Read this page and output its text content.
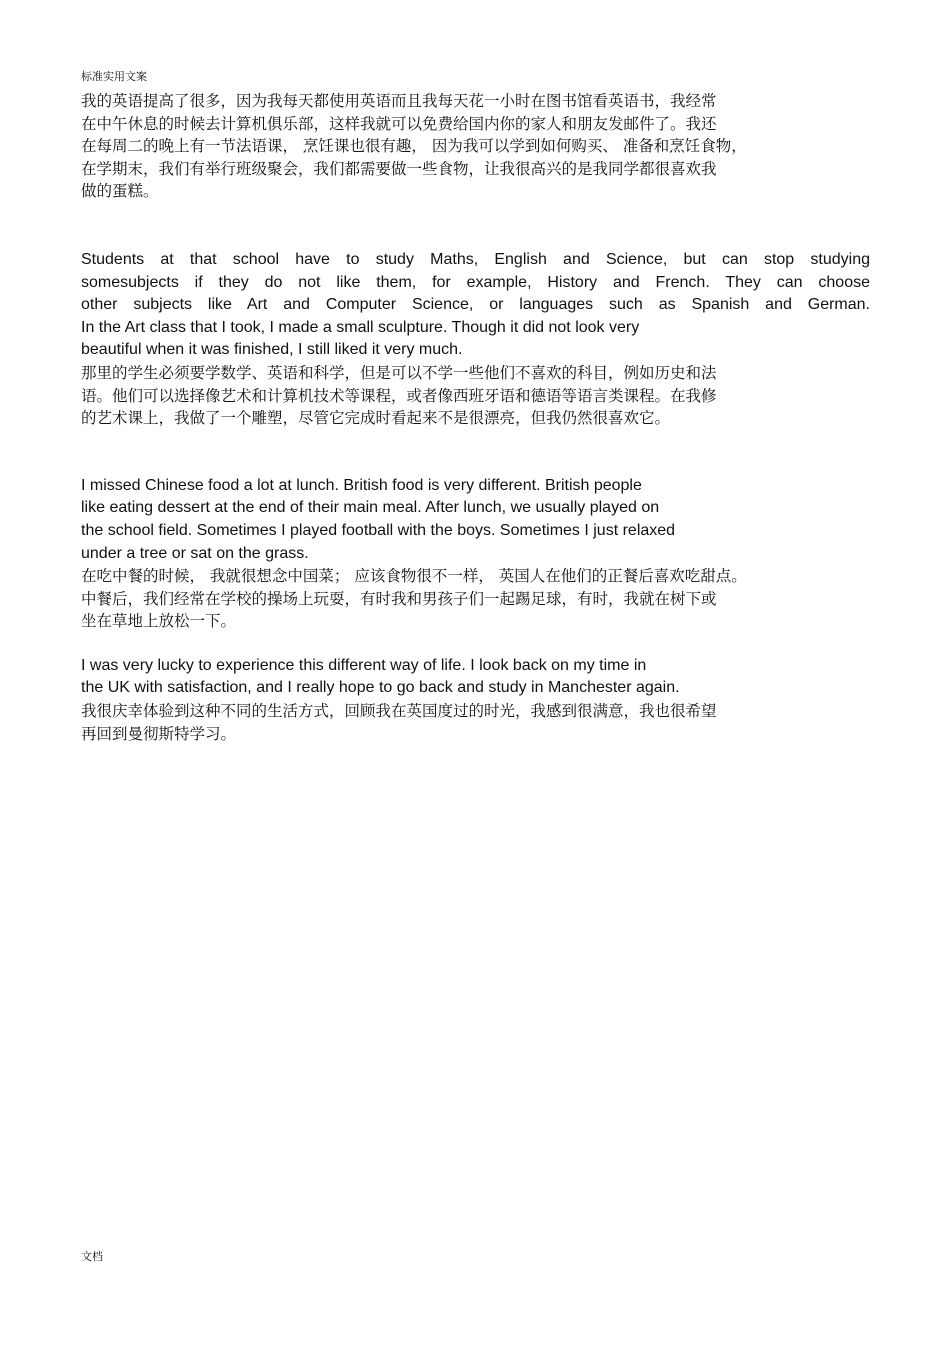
标准实用文案
我的英语提高了很多，因为我每天都使用英语而且我每天花一小时在图书馆看英语书，我经常
在中午休息的时候去计算机俱乐部，这样我就可以免费给国内你的家人和朋友发邮件了。我还
在每周二的晚上有一节法语课， 烹饪课也很有趣， 因为我可以学到如何购买、 准备和烹饪食物，
在学期末，我们有举行班级聚会，我们都需要做一些食物，让我很高兴的是我同学都很喜欢我
做的蛋糕。
Students at that school have to study Maths, English and Science, but can stop studying
somesubjects if they do not like them, for example, History and French. They can choose
other subjects like Art and Computer Science, or languages such as Spanish and German.
In the Art class that I took, I made a small sculpture. Though it did not look very
beautiful when it was finished, I still liked it very much.
那里的学生必须要学数学、英语和科学，但是可以不学一些他们不喜欢的科目，例如历史和法
语。他们可以选择像艺术和计算机技术等课程，或者像西班牙语和德语等语言类课程。在我修
的艺术课上，我做了一个雕塑，尽管它完成时看起来不是很漂亮，但我仍然很喜欢它。
I missed Chinese food a lot at lunch. British food is very different. British people
like eating dessert at the end of their main meal. After lunch, we usually played on
the school field. Sometimes I played football with the boys. Sometimes I just relaxed
under a tree or sat on the grass.
在吃中餐的时候， 我就很想念中国菜； 应该食物很不一样， 英国人在他们的正餐后喜欢吃甜点。
中餐后，我们经常在学校的操场上玩耍，有时我和男孩子们一起踢足球，有时，我就在树下或
坐在草地上放松一下。
I was very lucky to experience this different way of life. I look back on my time in
the UK with satisfaction, and I really hope to go back and study in Manchester again.
我很庆幸体验到这种不同的生活方式，回顾我在英国度过的时光，我感到很满意，我也很希望
再回到曼彻斯特学习。
文档
